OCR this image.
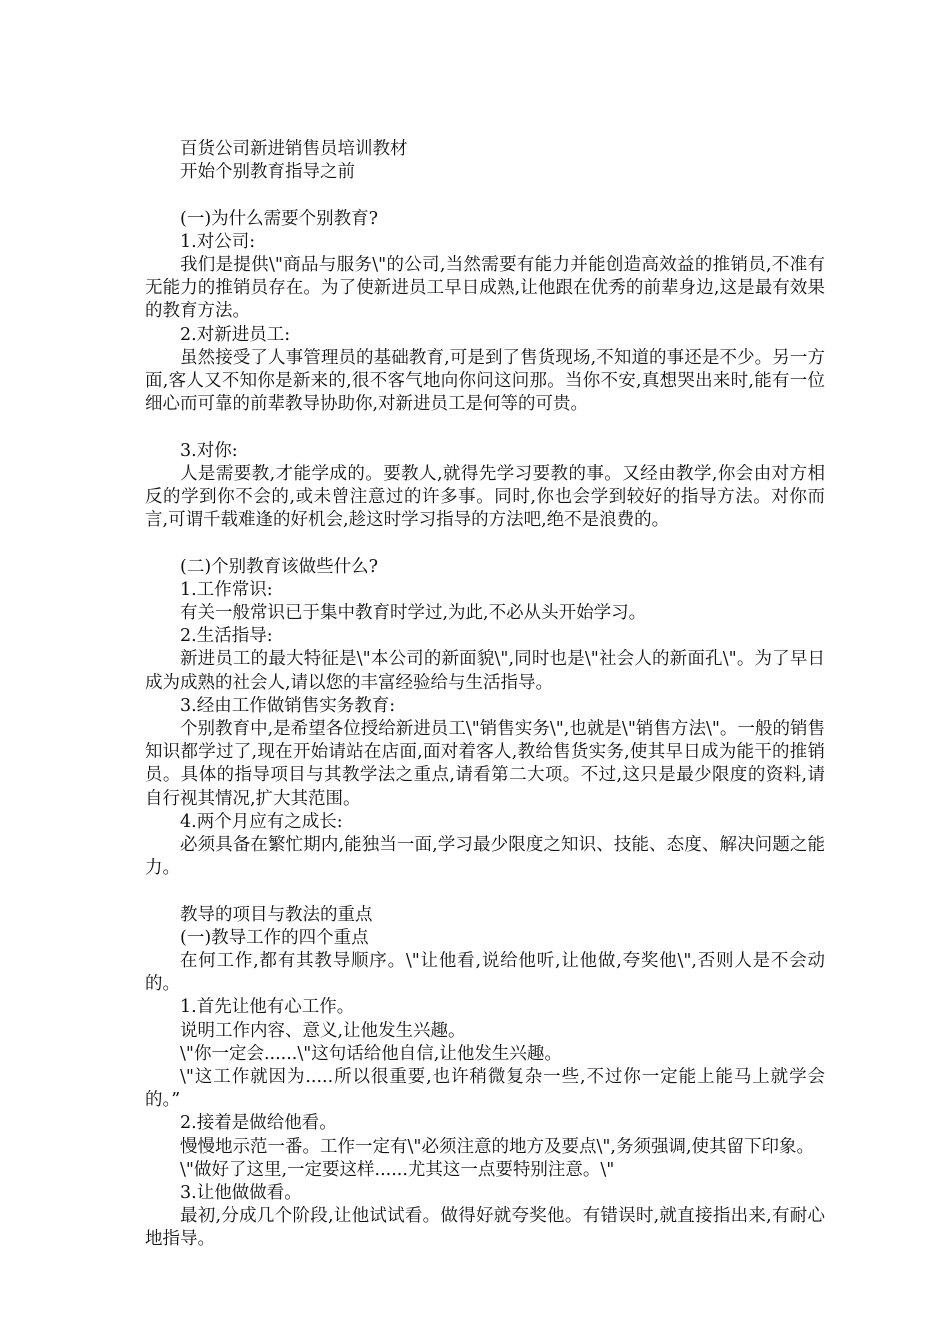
百货公司新进销售员培训教材

开始个别教育指导之前

(一)为什么需要个别教育?

1.对公司:

我们是提供\"商品与服务\"的公司,当然需要有能力并能创造高效益的推销员,不准有无能力的推销员存在。为了使新进员工早日成熟,让他跟在优秀的前辈身边,这是最有效果的教育方法。

2.对新进员工:

虽然接受了人事管理员的基础教育,可是到了售货现场,不知道的事还是不少。另一方面,客人又不知你是新来的,很不客气地向你问这问那。当你不安,真想哭出来时,能有一位细心而可靠的前辈教导协助你,对新进员工是何等的可贵。

3.对你:

人是需要教,才能学成的。要教人,就得先学习要教的事。又经由教学,你会由对方相反的学到你不会的,或未曾注意过的许多事。同时,你也会学到较好的指导方法。对你而言,可谓千载难逢的好机会,趁这时学习指导的方法吧,绝不是浪费的。

(二)个别教育该做些什么?

1.工作常识:

有关一般常识已于集中教育时学过,为此,不必从头开始学习。

2.生活指导:

新进员工的最大特征是\"本公司的新面貌\",同时也是\"社会人的新面孔\"。为了早日成为成熟的社会人,请以您的丰富经验给与生活指导。

3.经由工作做销售实务教育:

个别教育中,是希望各位授给新进员工\"销售实务\",也就是\"销售方法\"。一般的销售知识都学过了,现在开始请站在店面,面对着客人,教给售货实务,使其早日成为能干的推销员。具体的指导项目与其教学法之重点,请看第二大项。不过,这只是最少限度的资料,请自行视其情况,扩大其范围。

4.两个月应有之成长:

必须具备在繁忙期内,能独当一面,学习最少限度之知识、技能、态度、解决问题之能力。

教导的项目与教法的重点

(一)教导工作的四个重点

在何工作,都有其教导顺序。\"让他看,说给他听,让他做,夸奖他\",否则人是不会动的。

1.首先让他有心工作。

说明工作内容、意义,让他发生兴趣。

\"你一定会......\"这句话给他自信,让他发生兴趣。

\"这工作就因为.....所以很重要,也许稍微复杂一些,不过你一定能上能马上就学会的。”

2.接着是做给他看。

慢慢地示范一番。工作一定有\"必须注意的地方及要点\",务须强调,使其留下印象。

\"做好了这里,一定要这样......尤其这一点要特别注意。\"

3.让他做做看。

最初,分成几个阶段,让他试试看。做得好就夸奖他。有错误时,就直接指出来,有耐心地指导。
